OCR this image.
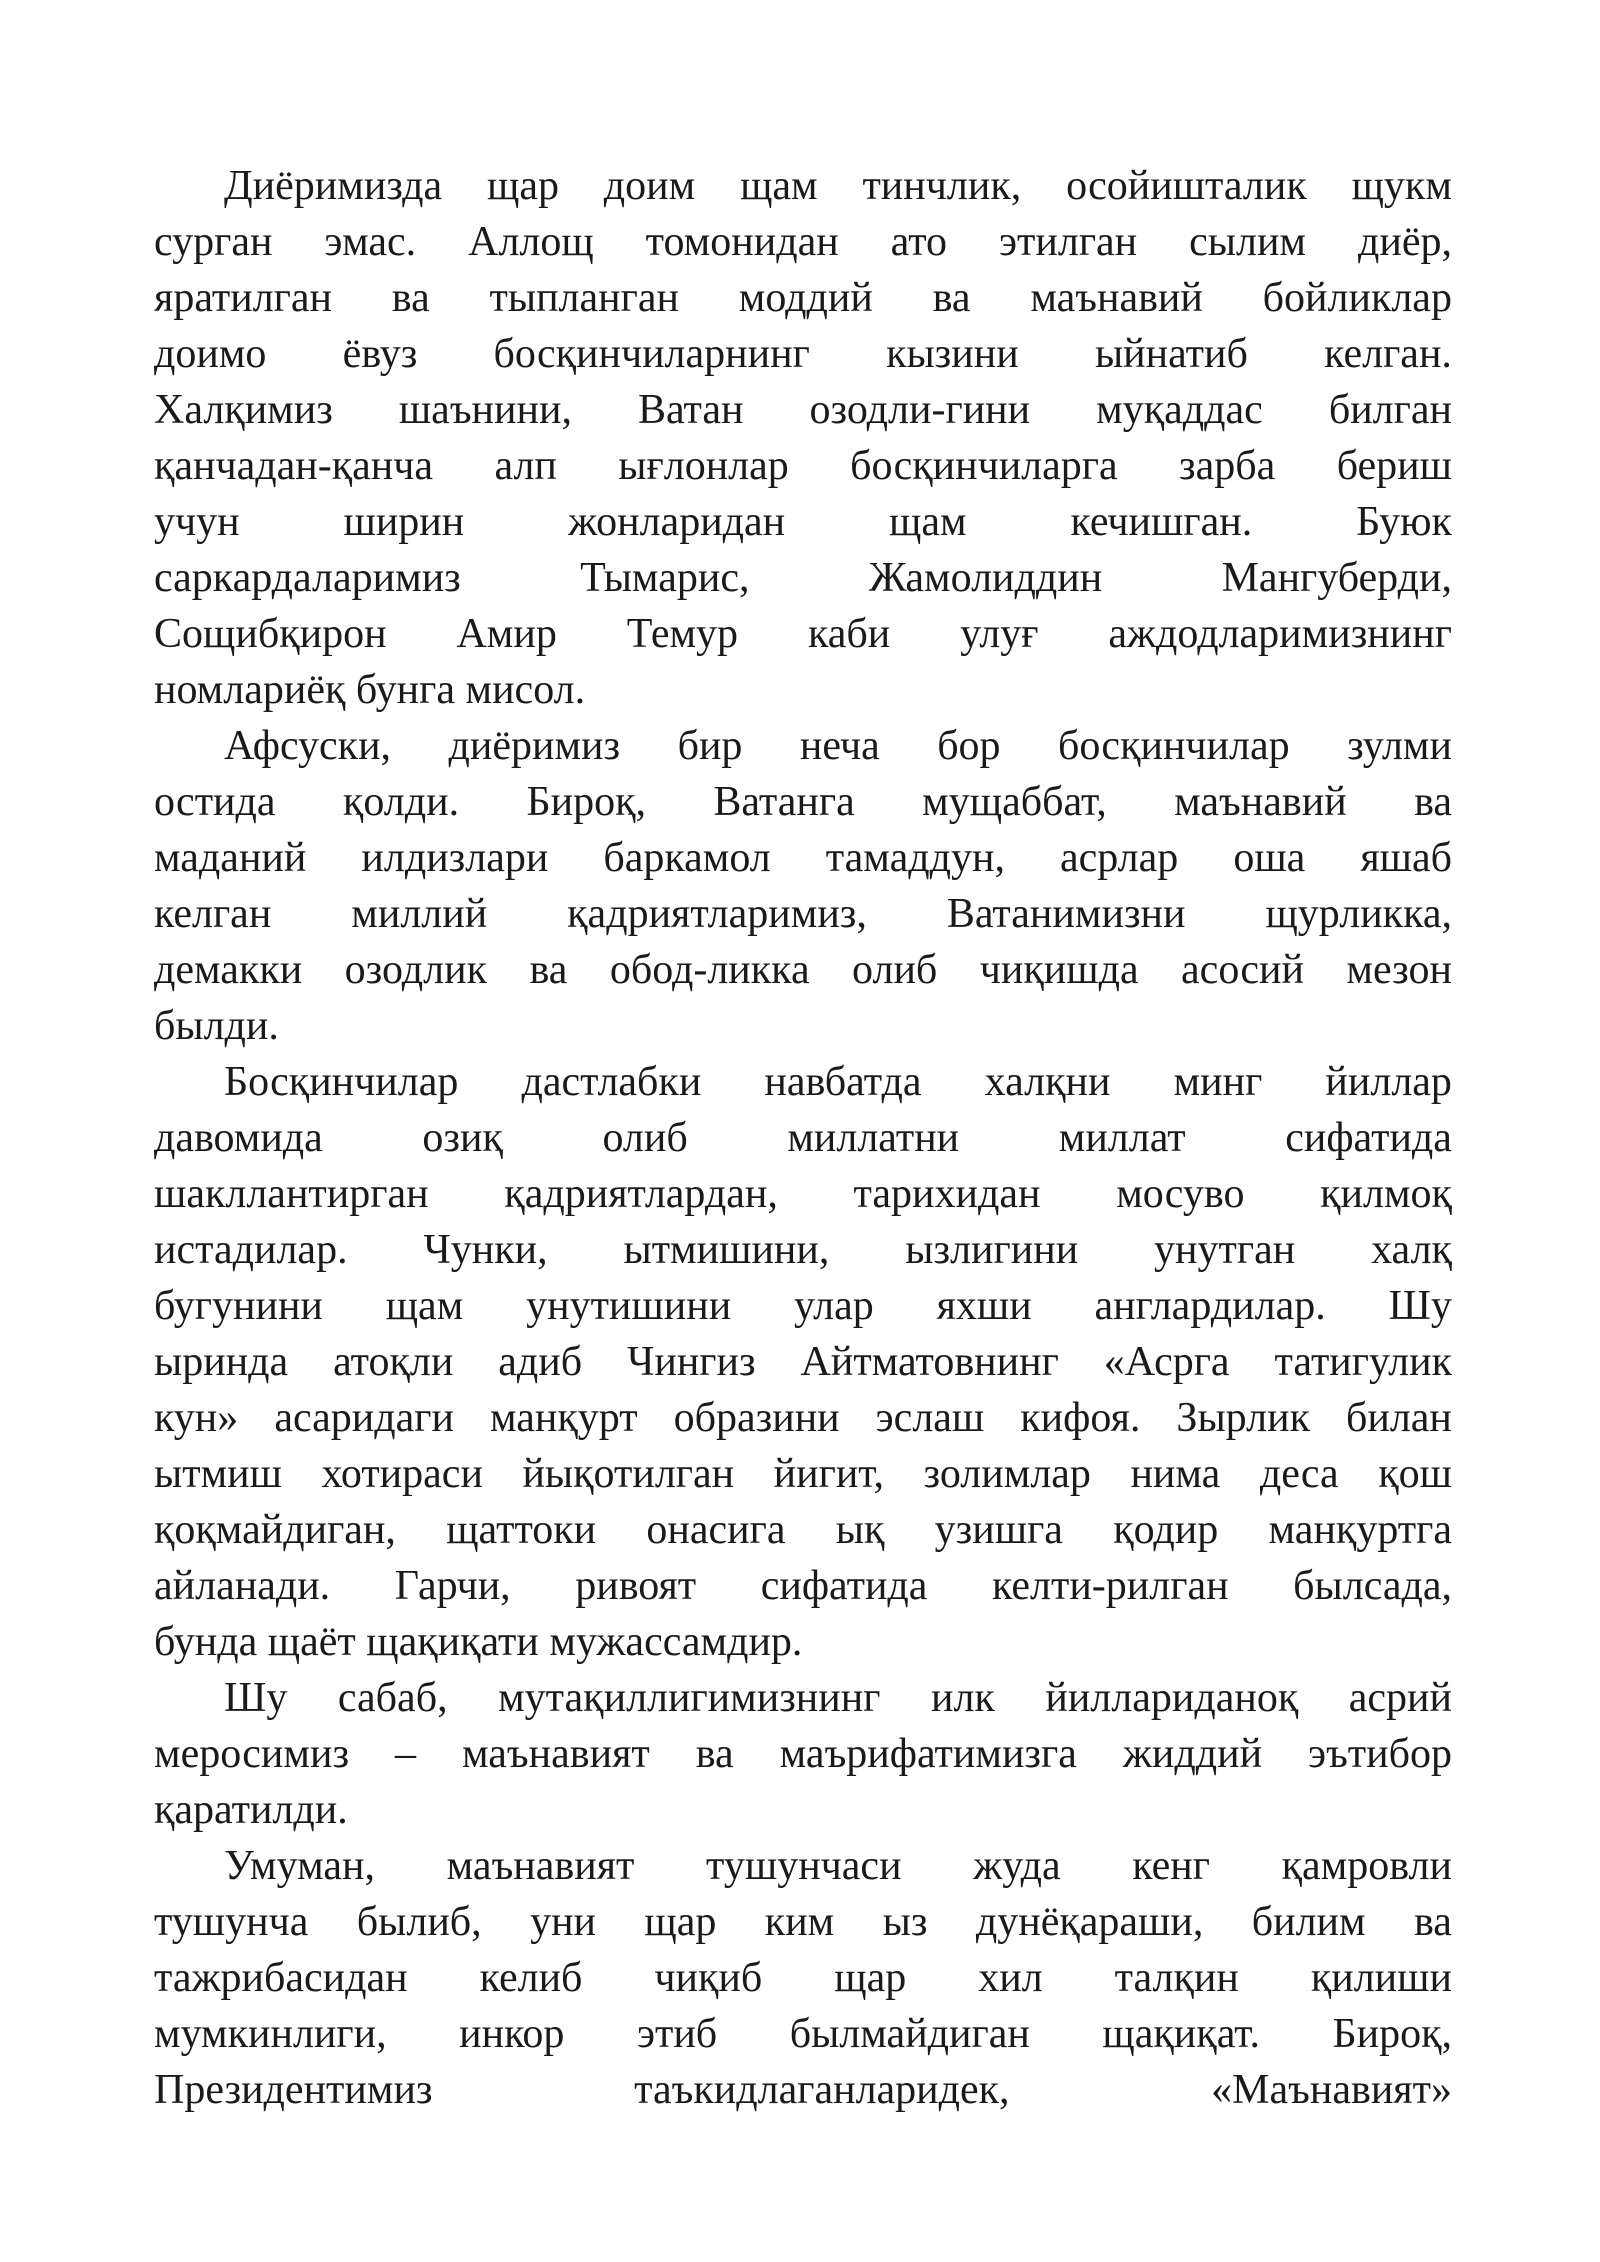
Диёримизда щар доим щам тинчлик, осойишталик щукм
сурган эмас. Аллощ томонидан ато этилган сылим диёр,
яратилган ва тыпланган моддий ва маънавий бойликлар
доимо ёвуз босқинчиларнинг кызини ыйнатиб келган.
Халқимиз шаънини, Ватан озодли-гини муқаддас билган
қанчадан-қанча алп ығлонлар босқинчиларга зарба бериш
учун ширин жонларидан щам кечишган. Буюк
саркардаларимиз	Тымарис,	Жамолиддин	Мангуберди,
Сощибқирон Амир Темур каби улуғ аждодларимизнинг
номлариёқ бунга мисол.
Афсуски, диёримиз бир неча бор босқинчилар зулми
остида қолди. Бироқ, Ватанга мущаббат, маънавий ва
маданий илдизлари баркамол тамаддун, асрлар оша яшаб
келган миллий қадриятларимиз, Ватанимизни щурликка,
демакки озодлик ва обод-ликка олиб чиқишда асосий мезон
былди.
Босқинчилар дастлабки навбатда халқни минг йиллар
давомида озиқ олиб миллатни миллат сифатида
шакллантирган қадриятлардан, тарихидан мосуво қилмоқ
истадилар. Чунки, ытмишини, ызлигини унутган халқ
бугунини щам унутишини улар яхши англардилар. Шу
ыринда атоқли адиб Чингиз Айтматовнинг «Асрга татигулик
кун» асаридаги манқурт образини эслаш кифоя. Зырлик билан
ытмиш хотираси йықотилган йигит, золимлар нима деса қош
қоқмайдиган, щаттоки онасига ық узишга қодир манқуртга
айланади. Гарчи, ривоят сифатида келти-рилган былсада,
бунда щаёт щақиқати мужассамдир.
Шу сабаб, мутақиллигимизнинг илк йиллариданоқ асрий
меросимиз – маънавият ва маърифатимизга жиддий эътибор
қаратилди.
Умуман, маънавият тушунчаси жуда кенг қамровли
тушунча былиб, уни щар ким ыз дунёқараши, билим ва
тажрибасидан келиб чиқиб щар хил талқин қилиши
мумкинлиги, инкор этиб былмайдиган щақиқат. Бироқ,
Президентимиз	таъкидлаганларидек,	«Маънавият»
